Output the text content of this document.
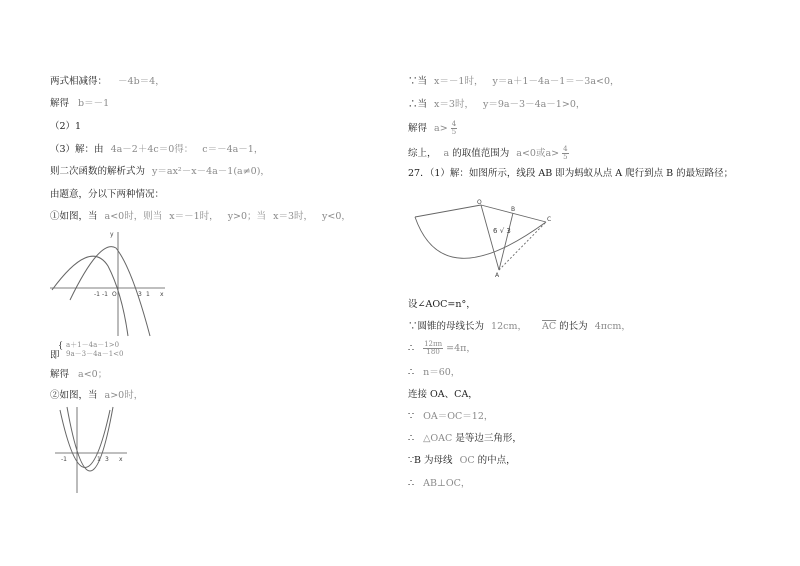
两式相减得： －4b＝4，
解得 b＝－1
（2）1
（3）解：由 4a－2＋4c＝0得： c＝－4a－1，
则二次函数的解析式为 y＝ax²－x－4a－1(a≠0)，
由题意，分以下两种情况：
①如图，当 a<0时，则当 x＝－1时， y>0；当 x＝3时， y<0，
y
-1 -1 O	3 1 x
{ a＋1－4a－1>0
即 9a－3－4a－1<0
解得 a<0；
②如图，当 a>0时，
-1	1 3 x
∵当 x＝－1时， y＝a＋1－4a－1＝－3a<0，
∴当 x＝3时， y＝9a－3－4a－1>0，
解得 $a> \frac{4}{5}$
综上， a 的取值范围为 a<0或$a> \frac{4}{5}$
27．（1）解：如图所示，线段 AB 即为蚂蚁从点 A 爬行到点 B 的最短路径；
O
B
C
A
6 √ 3
设∠AOC=n°，
∵圆锥的母线长为 12cm， $\overline{AC}$ 的长为 4πcm，
∴ $\frac{12\pi n}{180} =4\pi$，
∴ n＝60，
连接 OA、CA，
∵ OA＝OC＝12，
∴ △OAC 是等边三角形，
∵B 为母线 OC 的中点，
∴ AB⊥OC，
